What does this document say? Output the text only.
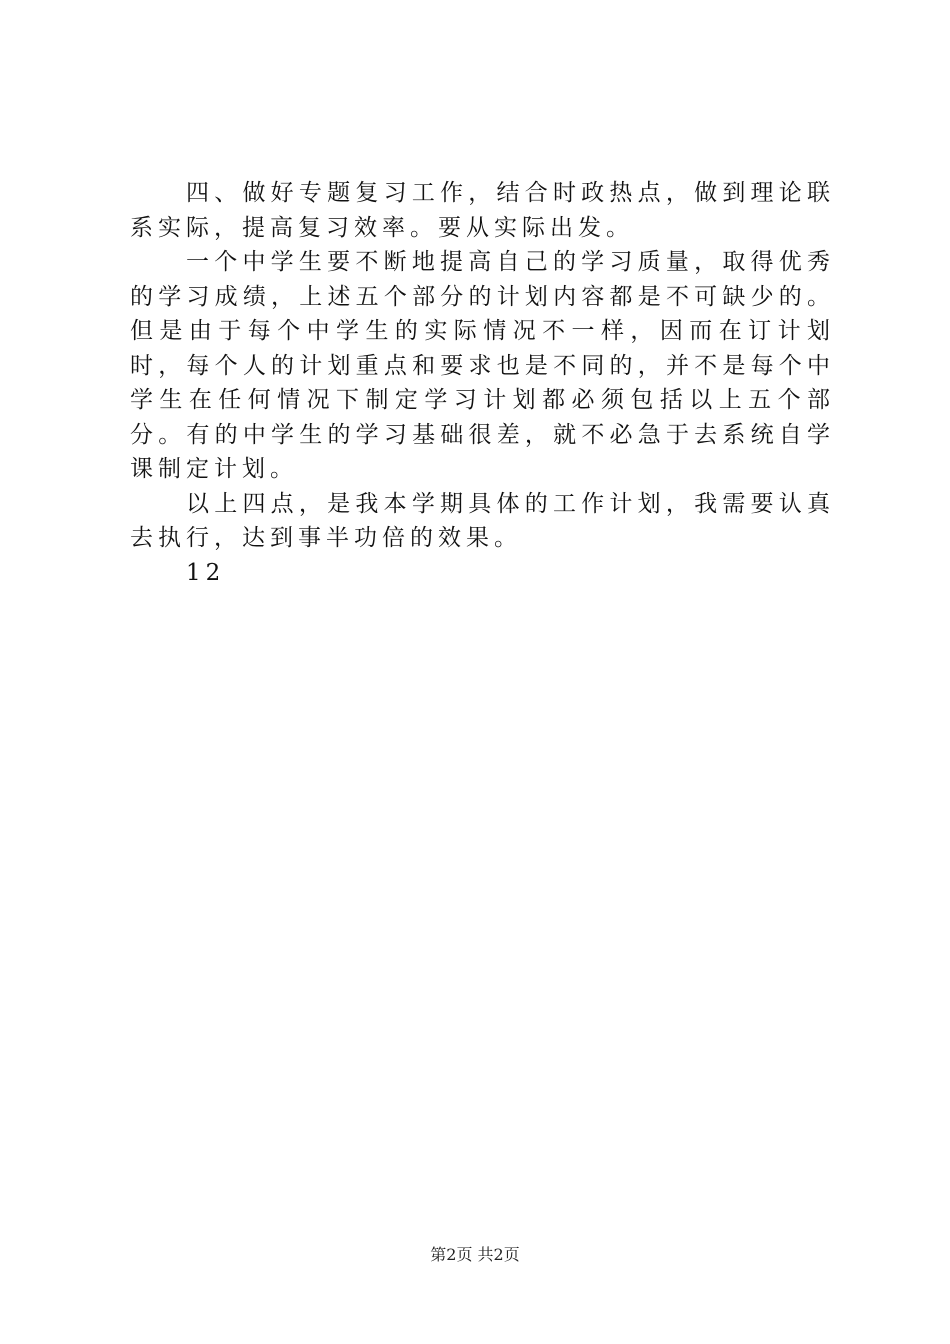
四、做好专题复习工作，结合时政热点，做到理论联系实际，提高复习效率。要从实际出发。

一个中学生要不断地提高自己的学习质量，取得优秀的学习成绩，上述五个部分的计划内容都是不可缺少的。但是由于每个中学生的实际情况不一样，因而在订计划时，每个人的计划重点和要求也是不同的，并不是每个中学生在任何情况下制定学习计划都必须包括以上五个部分。有的中学生的学习基础很差，就不必急于去系统自学课制定计划。

以上四点，是我本学期具体的工作计划，我需要认真去执行，达到事半功倍的效果。

12

第2页 共2页
